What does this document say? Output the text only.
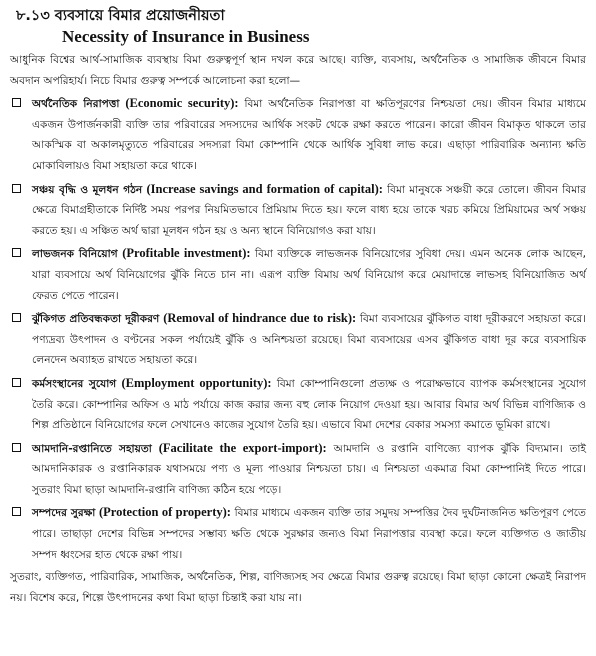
৮.১৩ ব্যবসায়ে বিমার প্রয়োজনীয়তা
Necessity of Insurance in Business

আধুনিক বিশ্বের আর্থ-সামাজিক ব্যবস্থায় বিমা গুরুত্বপূর্ণ স্থান দখল করে আছে। ব্যক্তি, ব্যবসায়, অর্থনৈতিক ও সামাজিক জীবনে বিমার অবদান অপরিহার্য। নিচে বিমার গুরুত্ব সম্পর্কে আলোচনা করা হলো—

অর্থনৈতিক নিরাপত্তা (Economic security): বিমা অর্থনৈতিক নিরাপত্তা বা ক্ষতিপূরণের নিশ্চয়তা দেয়। জীবন বিমার মাধ্যমে একজন উপার্জনকারী ব্যক্তি তার পরিবারের সদস্যদের আর্থিক সংকট থেকে রক্ষা করতে পারেন। কারো জীবন বিমাকৃত থাকলে তার আকস্মিক বা অকালমৃত্যুতে পরিবারের সদস্যরা বিমা কোম্পানি থেকে আর্থিক সুবিধা লাভ করে। এছাড়া পারিবারিক অন্যান্য ক্ষতি মোকাবিলায়ও বিমা সহায়তা করে থাকে।

সঞ্চয় বৃদ্ধি ও মূলধন গঠন (Increase savings and formation of capital): বিমা মানুষকে সঞ্চয়ী করে তোলে। জীবন বিমার ক্ষেত্রে বিমাগ্রহীতাকে নির্দিষ্ট সময় পরপর নিয়মিতভাবে প্রিমিয়াম দিতে হয়। ফলে বাধ্য হয়ে তাকে খরচ কমিয়ে প্রিমিয়ামের অর্থ সঞ্চয় করতে হয়। এ সঞ্চিত অর্থ দ্বারা মূলধন গঠন হয় ও অন্য স্থানে বিনিয়োগও করা যায়।

লাভজনক বিনিয়োগ (Profitable investment): বিমা ব্যক্তিকে লাভজনক বিনিয়োগের সুবিধা দেয়। এমন অনেক লোক আছেন, যারা ব্যবসায়ে অর্থ বিনিয়োগের ঝুঁকি নিতে চান না। এরূপ ব্যক্তি বিমায় অর্থ বিনিয়োগ করে মেয়াদান্তে লাভসহ বিনিয়োজিত অর্থ ফেরত পেতে পারেন।

ঝুঁকিগত প্রতিবন্ধকতা দূরীকরণ (Removal of hindrance due to risk): বিমা ব্যবসায়ের ঝুঁকিগত বাধা দূরীকরণে সহায়তা করে। পণ্যদ্রব্য উৎপাদন ও বণ্টনের সকল পর্যায়েই ঝুঁকি ও অনিশ্চয়তা রয়েছে। বিমা ব্যবসায়ের এসব ঝুঁকিগত বাধা দূর করে ব্যবসায়িক লেনদেন অব্যাহত রাখতে সহায়তা করে।

কর্মসংস্থানের সুযোগ (Employment opportunity): বিমা কোম্পানিগুলো প্রত্যক্ষ ও পরোক্ষভাবে ব্যাপক কর্মসংস্থানের সুযোগ তৈরি করে। কোম্পানির অফিস ও মাঠ পর্যায়ে কাজ করার জন্য বহু লোক নিয়োগ দেওয়া হয়। আবার বিমার অর্থ বিভিন্ন বাণিজ্যিক ও শিল্প প্রতিষ্ঠানে বিনিয়োগের ফলে সেখানেও কাজের সুযোগ তৈরি হয়। এভাবে বিমা দেশের বেকার সমস্যা কমাতে ভূমিকা রাখে।

আমদানি-রপ্তানিতে সহায়তা (Facilitate the export-import): আমদানি ও রপ্তানি বাণিজ্যে ব্যাপক ঝুঁকি বিদ্যমান। তাই আমদানিকারক ও রপ্তানিকারক যথাসময়ে পণ্য ও মূল্য পাওয়ার নিশ্চয়তা চায়। এ নিশ্চয়তা একমাত্র বিমা কোম্পানিই দিতে পারে। সুতরাং বিমা ছাড়া আমদানি-রপ্তানি বাণিজ্য কঠিন হয়ে পড়ে।

সম্পদের সুরক্ষা (Protection of property): বিমার মাধ্যমে একজন ব্যক্তি তার সমুদয় সম্পত্তির দৈব দুর্ঘটনাজনিত ক্ষতিপূরণ পেতে পারে। তাছাড়া দেশের বিভিন্ন সম্পদের সম্ভাব্য ক্ষতি থেকে সুরক্ষার জন্যও বিমা নিরাপত্তার ব্যবস্থা করে। ফলে ব্যক্তিগত ও জাতীয় সম্পদ ধ্বংসের হাত থেকে রক্ষা পায়।

সুতরাং, ব্যক্তিগত, পারিবারিক, সামাজিক, অর্থনৈতিক, শিল্প, বাণিজ্যসহ সব ক্ষেত্রে বিমার গুরুত্ব রয়েছে। বিমা ছাড়া কোনো ক্ষেত্রই নিরাপদ নয়। বিশেষ করে, শিল্পে উৎপাদনের কথা বিমা ছাড়া চিন্তাই করা যায় না।
